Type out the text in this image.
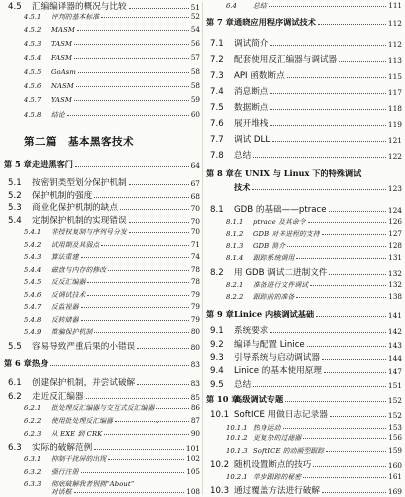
4.5	汇编编译器的概况与比较	51
4.5.1	评判的基本标准	52
4.5.2	MASM	54
4.5.3	TASM	56
4.5.4	FASM	57
4.5.5	GoAsm	58
4.5.6	NASM	58
4.5.7	YASM	59
4.5.8	结论	60
第二篇　基本黑客技术
第 5 章 走进黑客门	64
5.1	按密钥类型划分保护机制	67
5.2	保护机制的强度	68
5.3	商业化保护机制的缺点	70
5.4	定制保护机制的实现错误	70
5.4.1	非授权复制与序列号分发	70
5.4.2	试用期及其弱点	71
5.4.3	算法重建	74
5.4.4	磁盘与内存的修改	78
5.4.5	反反汇编器	78
5.4.6	反调试技术	79
5.4.7	反监视器	79
5.4.8	反转储器	79
5.4.9	欺骗保护机制	80
5.5	容易导致严重后果的小错误	80
第 6 章 热身	83
6.1	创建保护机制，并尝试破解	83
6.2	走近反汇编器	85
6.2.1	批处理反汇编器与交互式反汇编器	86
6.2.2	使用批处理反汇编器	87
6.2.3	从 EXE 到 CRK	90
6.3	实际的破解范例	101
6.3.1	抑制干扰屏的出现	102
6.3.2	强行注册	105
6.3.3	彻底破解我者别拥“About”
对话框	108
.
6.4	总结	111
第 7 章 通晓应用程序调试技术	112
7.1	调试简介	112
7.2	配套使用反汇编器与调试器	113
7.3	API 函数断点	115
7.4	消息断点	117
7.5	数据断点	118
7.6	展开堆栈	119
7.7	调试 DLL	121
7.8	总结	122
第 8 章 在 UNIX 与 Linux 下的特殊调试
技术	123
8.1	GDB 的基础——ptrace	124
8.1.1	ptrace 及其命令	126
8.1.2	GDB 对多进程的支持	127
8.1.3	GDB 简介	128
8.1.4	跟踪系统调用	131
8.2	用 GDB 调试二进制文件	132
8.2.1	准备进行文件调试	132
8.2.2	跟踪前的准备	138
第 9 章 Linice 内核调试基础	141
9.1	系统要求	142
9.2	编译与配置 Linice	143
9.3	引导系统与启动调试器	144
9.4	Linice 的基本使用原理	147
9.5	总结	151
第 10 章
高级调试专题	152
10.1 SoftICE 用做日志记录器	152
10.1.1 热身运动	153
10.1.2 更复杂的过滤器	156
10.1.3 SoftICE 的动画型跟踪	159
10.2 随机设置断点的技巧	160
10.2.1 单步跟踪的秘密	161
10.3 通过覆盖方法进行破解	169
